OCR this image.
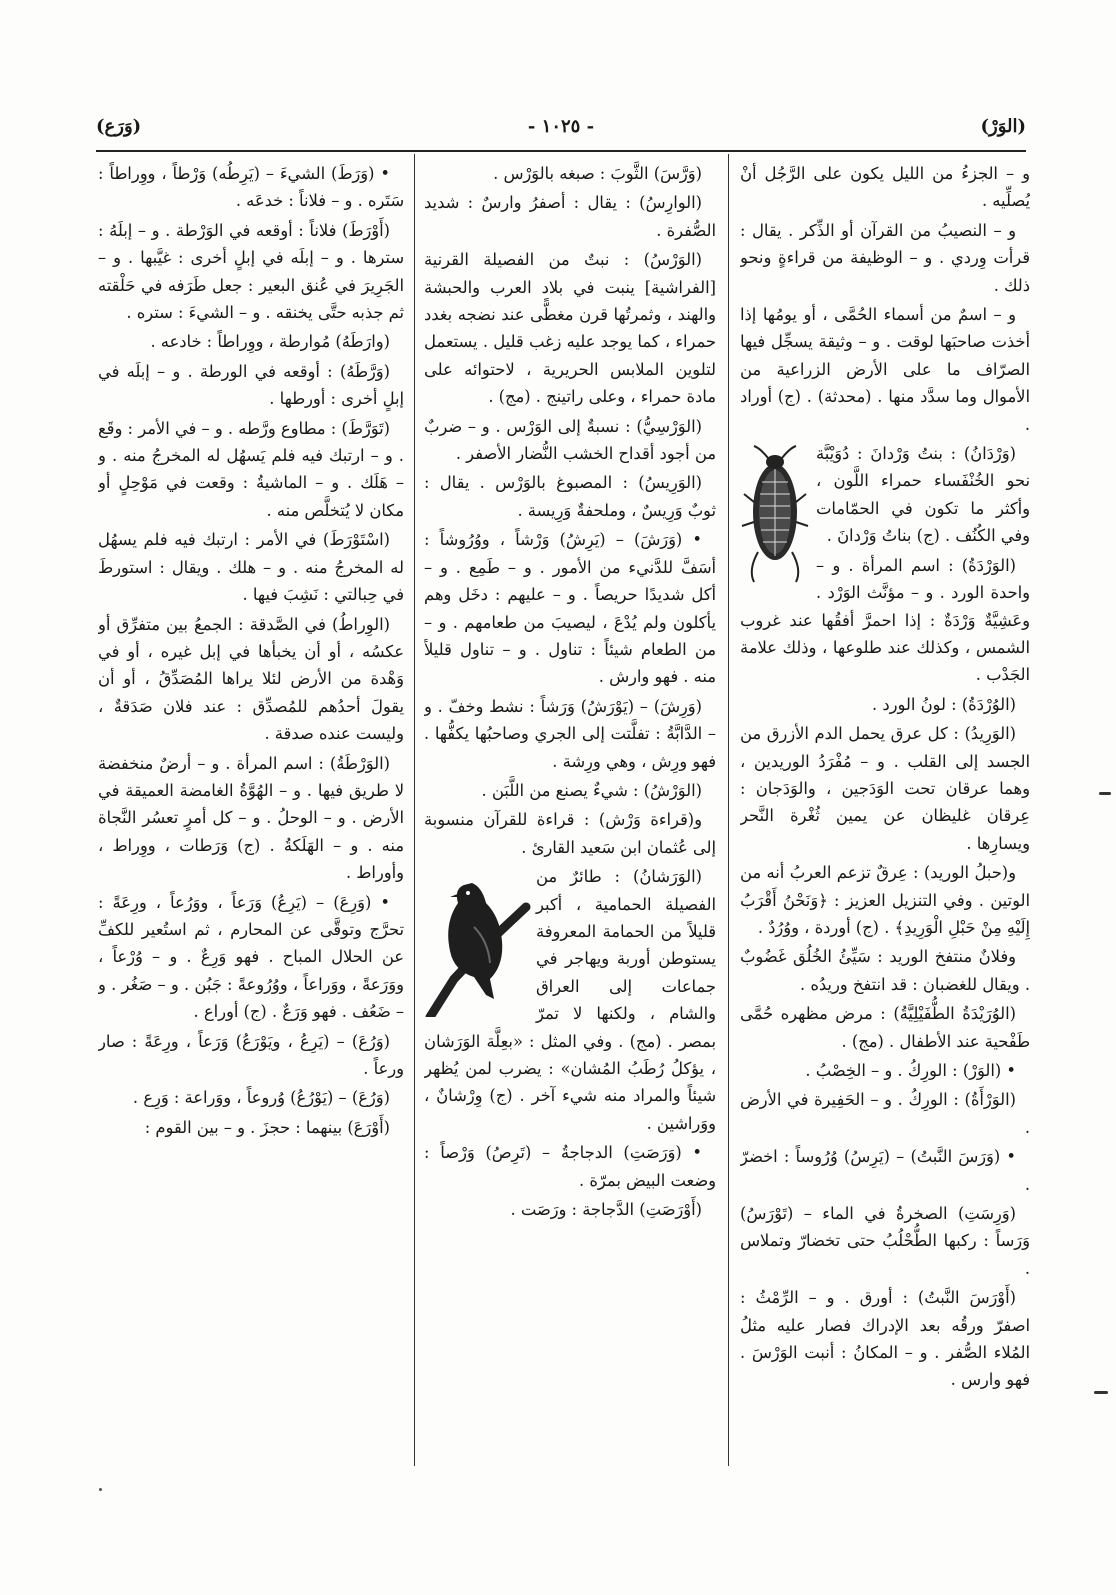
(الوَرْ)
- ١٠٢٥ -
(وَرَع)

و – الجزءُ من الليل يكون على الرَّجُل أنْ يُصلِّيه .

و – النصيبُ من القرآن أو الذِّكر . يقال : قرأت وِردي . و – الوظيفة من قراءةٍ ونحو ذلك .

و – اسمٌ من أسماء الحُمَّى ، أو يومُها إذا أخذت صاحبَها لوقت . و – وثيقة يسجِّل فيها الصرّاف ما على الأرض الزراعية من الأموال وما سدَّد منها . (محدثة) . (ج) أوراد .

(وَرْدَانُ) : بنتُ وَرْدانَ : دُوَيْبَّة نحو الخُنْفَساء حمراء اللَّون ، وأكثر ما تكون في الحمّامات وفي الكُنُف . (ج) بناتُ وَرْدانَ .

(الوَرْدَةُ) : اسم المرأة . و – واحدة الورد . و – مؤنَّث الوَرْد . وعَشِيَّةٌ وَرْدَةٌ : إذا احمرَّ أفقُها عند غروب الشمس ، وكذلك عند طلوعها ، وذلك علامة الجَدْب .

(الوُرْدَةُ) : لونُ الورد .

(الوَرِيدُ) : كل عرق يحمل الدم الأزرق من الجسد إلى القلب . و – مُفْرَدُ الوريدين ، وهما عرقان تحت الوَدَجين ، والوَدَجان : عِرقان غليظان عن يمين ثُغْرة النَّحر ويسارِها .

و(حبلُ الوريد) : عِرقٌ تزعم العربُ أنه من الوتين . وفي التنزيل العزيز : ﴿وَنَحْنُ أَقْرَبُ إِلَيْهِ مِنْ حَبْلِ الْوَرِيدِ﴾ . (ج) أوردة ، ووُرُدٌ .

وفلانٌ منتفخ الوريد : سَيِّئُ الخُلُق غَضُوبٌ . ويقال للغضبان : قد انتفخ وريدُه .

(الوُرَيْدَةُ الطُّفَيْلِيَّةُ) : مرض مظهره حُمَّى طَفْحية عند الأطفال . (مج) .

• (الوَرْ) : الورِكُ . و – الخِصْبُ .

(الوَرْأَةُ) : الورِكُ . و – الحَفِيرة في الأرض .

• (وَرَسَ النَّبتُ) – (يَرِسُ) وُرُوساً : اخضرّ .

(وَرِسَتِ) الصخرةُ في الماء – (تَوْرَسُ) وَرَساً : ركبها الطُّحْلُبُ حتى تخضارّ وتملاس .

(أَوْرَسَ النَّبتُ) : أورق . و – الرِّمْثُ : اصفرّ ورقُه بعد الإدراك فصار عليه مثلُ المُلاء الصُّفر . و – المكانُ : أنبت الوَرْسَ . فهو وارس .

(وَرَّسَ) الثَّوبَ : صبغه بالوَرْس .

(الوارِسُ) : يقال : أصفرُ وارسٌ : شديد الصُّفرة .

(الوَرْسُ) : نبتٌ من الفصيلة القرنية [الفراشية] ينبت في بلاد العرب والحبشة والهند ، وثمرتُها قرن مغطًّى عند نضجه بغدد حمراء ، كما يوجد عليه زغب قليل . يستعمل لتلوين الملابس الحريرية ، لاحتوائه على مادة حمراء ، وعلى راتينج . (مج) .

(الوَرْسِيُّ) : نسبةٌ إلى الوَرْس . و – ضربٌ من أجود أقداح الخشب النُّضار الأصفر .

(الوَرِيسُ) : المصبوغ بالوَرْس . يقال : ثوبٌ وَرِيسٌ ، وملحفةٌ وَرِيسة .

• (وَرَشَ) – (يَرِشُ) وَرْشاً ، ووُرُوشاً : أسَفَّ للدَّنيء من الأمور . و – طَمِع . و – أكل شديدًا حريصاً . و – عليهم : دخَل وهم يأكلون ولم يُدْعَ ، ليصيبَ من طعامهم . و – من الطعام شيئاً : تناول . و – تناول قليلاً منه . فهو وارش .

(وَرِشَ) – (يَوْرَشُ) وَرَشاً : نشط وخفّ . و – الدَّابَّةُ : تفلَّتت إلى الجري وصاحبُها يكفُّها . فهو ورِش ، وهي ورِشة .

(الوَرْشُ) : شيءٌ يصنع من اللَّبَن .

و(قراءة وَرْش) : قراءة للقرآن منسوبة إلى عُثمان ابن سَعيد القارئ .

(الوَرَشانُ) : طائرٌ من الفصيلة الحمامية ، أكبر قليلاً من الحمامة المعروفة يستوطن أوربة ويهاجر في جماعات إلى العراق والشام ، ولكنها لا تمرّ بمصر . (مج) . وفي المثل : «بعِلَّة الوَرَشان ، يؤكلُ رُطَبُ المُشان» : يضرب لمن يُظهر شيئاً والمراد منه شيء آخر . (ج) وِرْشانٌ ، ووَراشين .

• (وَرَصَتِ) الدجاجةُ – (تَرِصُ) وَرْصاً : وضعت البيض بمرّة .

(أَوْرَصَتِ) الدَّجاجة : ورَصَت .

• (وَرَطَ) الشيءَ – (يَرِطُه) وَرْطاً ، ووِراطاً : سَتَره . و – فلاناً : خدعَه .

(أَوْرَطَ) فلاناً : أوقعه في الوَرْطة . و – إبلَهُ : سترها . و – إبلَه في إبلٍ أخرى : غيَّبها . و – الجَرِيرَ في عُنق البعير : جعل طَرَفه في حَلْقته ثم جذبه حتَّى يخنقه . و – الشيءَ : ستره .

(وارَطَهُ) مُوارطة ، ووِراطاً : خادعه .

(وَرَّطَهُ) : أوقعه في الورطة . و – إبلَه في إبلٍ أخرى : أورطها .

(تَوَرَّطَ) : مطاوع ورَّطه . و – في الأمر : وقَع . و – ارتبك فيه فلم يَسهُل له المخرجُ منه . و – هَلَك . و – الماشيةُ : وقعت في مَوْحِلٍ أو مكان لا يُتخلَّص منه .

(اسْتَوْرَطَ) في الأمر : ارتبك فيه فلم يسهُل له المخرجُ منه . و – هلك . ويقال : استورطَ في حِبالتي : نَشِبَ فيها .

(الوِراطُ) في الصَّدقة : الجمعُ بين متفرِّق أو عكسُه ، أو أن يخبأها في إبل غيره ، أو في وَهْدة من الأرض لئلا يراها المُصَدِّقُ ، أو أن يقولَ أحدُهم للمُصدِّق : عند فلان صَدَقةٌ ، وليست عنده صدقة .

(الوَرْطَةُ) : اسم المرأة . و – أرضٌ منخفضة لا طريق فيها . و – الهُوَّةُ الغامضة العميقة في الأرض . و – الوحلُ . و – كل أمرٍ تعسُر النَّجاة منه . و – الهَلَكةُ . (ج) وَرَطات ، ووِراط ، وأوراط .

• (وَرِعَ) – (يَرِعُ) وَرَعاً ، ووَرُعاً ، ورِعَةً : تحرَّج وتوقَّى عن المحارم ، ثم استُعير للكفِّ عن الحلال المباح . فهو وَرِعٌ . و – وُرْعاً ، ووَرَعةً ، ووَراعاً ، ووُرُوعةً : جَبُن . و – صَغُر . و – ضَعُف . فهو وَرَعٌ . (ج) أوراع .

(وَرُعَ) – (يَرِعُ ، ويَوْرَعُ) وَرَعاً ، ورِعَةً : صار ورعاً .

(وَرُعَ) – (يَوْرُعُ) وُروعاً ، ووَراعة : وَرِع .

(أَوْرَعَ) بينهما : حجزَ . و – بين القوم :
